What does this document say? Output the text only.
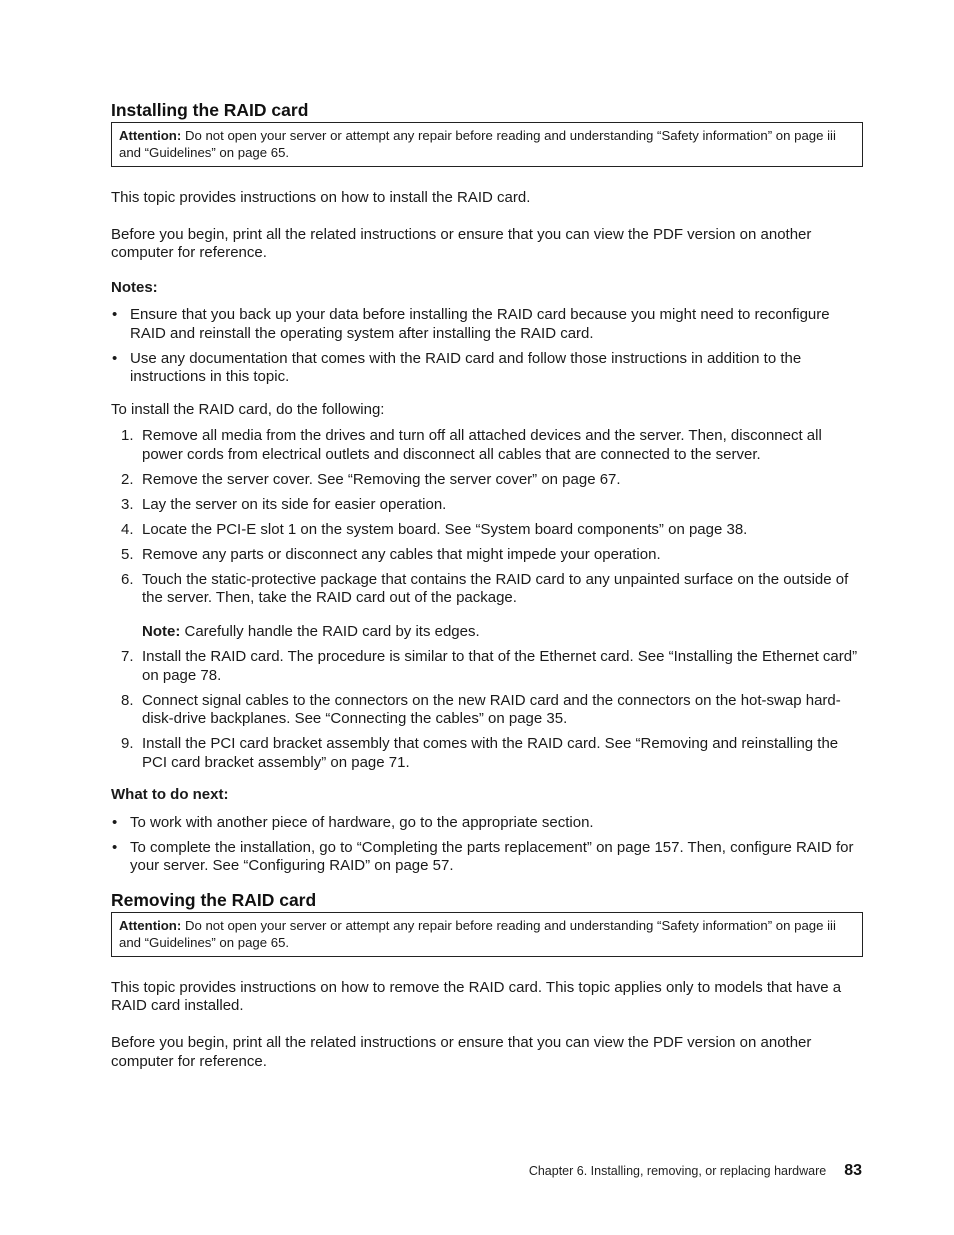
Installing the RAID card
Attention: Do not open your server or attempt any repair before reading and understanding “Safety information” on page iii and “Guidelines” on page 65.

This topic provides instructions on how to install the RAID card.

Before you begin, print all the related instructions or ensure that you can view the PDF version on another computer for reference.

Notes:
• Ensure that you back up your data before installing the RAID card because you might need to reconfigure RAID and reinstall the operating system after installing the RAID card.
• Use any documentation that comes with the RAID card and follow those instructions in addition to the instructions in this topic.

To install the RAID card, do the following:

1. Remove all media from the drives and turn off all attached devices and the server. Then, disconnect all power cords from electrical outlets and disconnect all cables that are connected to the server.
2. Remove the server cover. See “Removing the server cover” on page 67.
3. Lay the server on its side for easier operation.
4. Locate the PCI-E slot 1 on the system board. See “System board components” on page 38.
5. Remove any parts or disconnect any cables that might impede your operation.
6. Touch the static-protective package that contains the RAID card to any unpainted surface on the outside of the server. Then, take the RAID card out of the package.
Note: Carefully handle the RAID card by its edges.
7. Install the RAID card. The procedure is similar to that of the Ethernet card. See “Installing the Ethernet card” on page 78.
8. Connect signal cables to the connectors on the new RAID card and the connectors on the hot-swap hard-disk-drive backplanes. See “Connecting the cables” on page 35.
9. Install the PCI card bracket assembly that comes with the RAID card. See “Removing and reinstalling the PCI card bracket assembly” on page 71.
What to do next:
• To work with another piece of hardware, go to the appropriate section.
• To complete the installation, go to “Completing the parts replacement” on page 157. Then, configure RAID for your server. See “Configuring RAID” on page 57.
Removing the RAID card
Attention: Do not open your server or attempt any repair before reading and understanding “Safety information” on page iii and “Guidelines” on page 65.

This topic provides instructions on how to remove the RAID card. This topic applies only to models that have a RAID card installed.

Before you begin, print all the related instructions or ensure that you can view the PDF version on another computer for reference.

Chapter 6. Installing, removing, or replacing hardware 83
